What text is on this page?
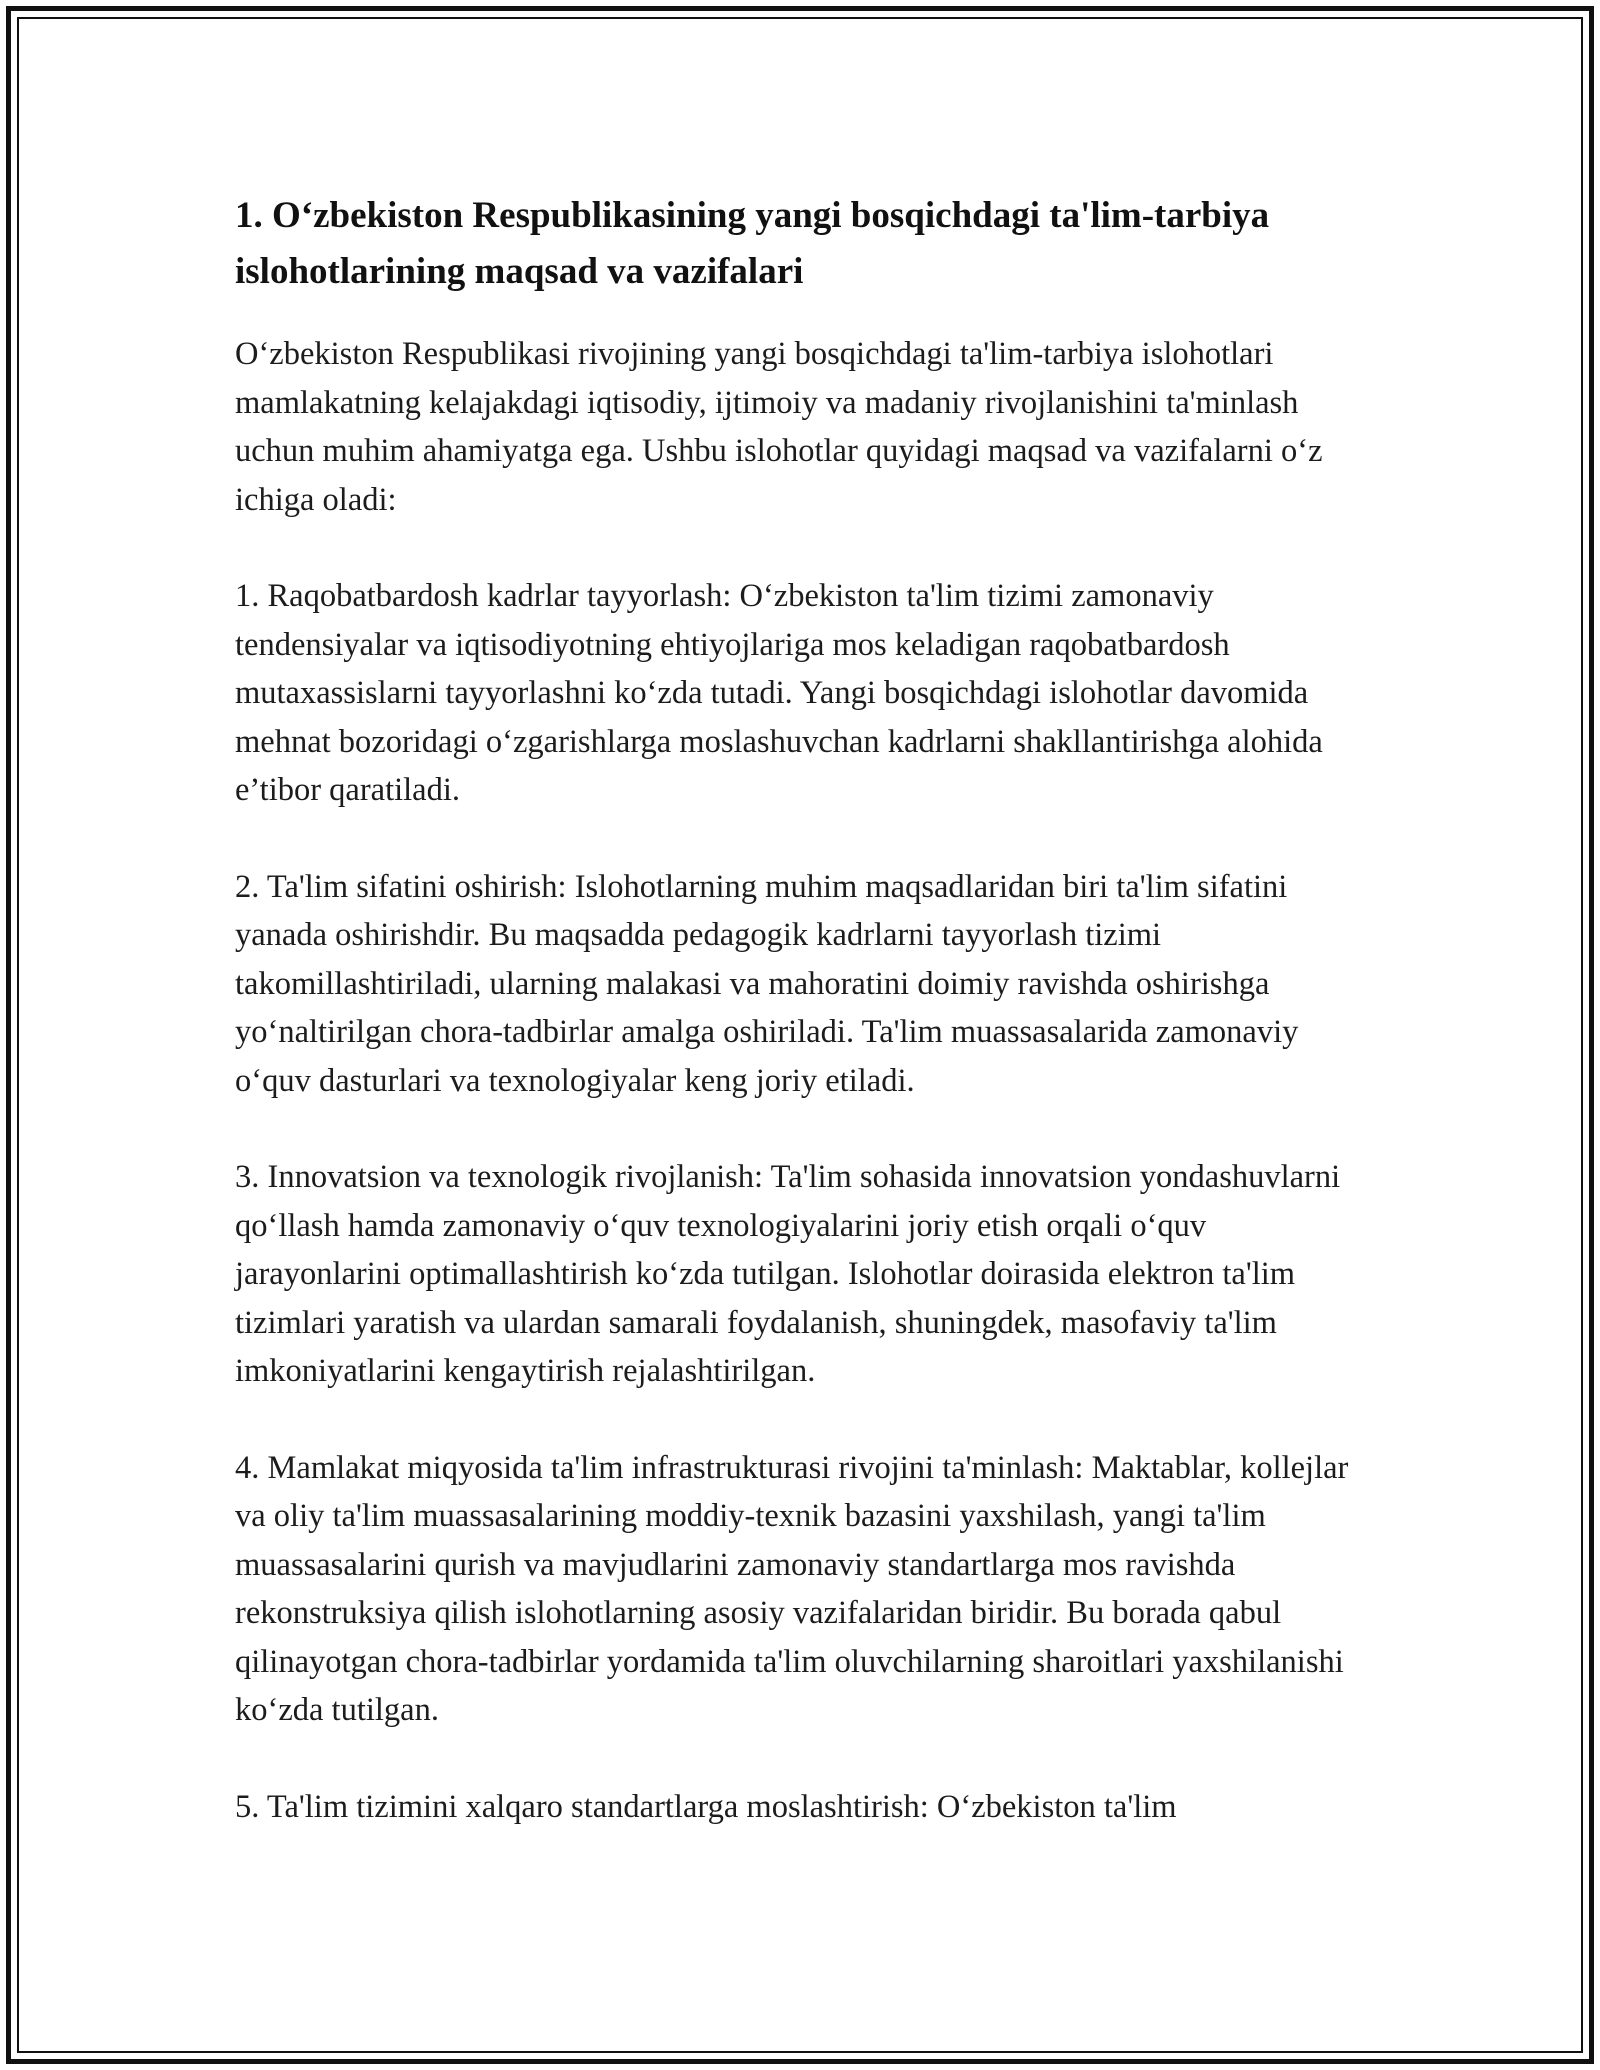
1. O‘zbekiston Respublikasining yangi bosqichdagi ta'lim-tarbiya islohotlarining maqsad va vazifalari

O‘zbekiston Respublikasi rivojining yangi bosqichdagi ta'lim-tarbiya islohotlari mamlakatning kelajakdagi iqtisodiy, ijtimoiy va madaniy rivojlanishini ta'minlash uchun muhim ahamiyatga ega. Ushbu islohotlar quyidagi maqsad va vazifalarni o‘z ichiga oladi:

1. Raqobatbardosh kadrlar tayyorlash: O‘zbekiston ta'lim tizimi zamonaviy tendensiyalar va iqtisodiyotning ehtiyojlariga mos keladigan raqobatbardosh mutaxassislarni tayyorlashni ko‘zda tutadi. Yangi bosqichdagi islohotlar davomida mehnat bozoridagi o‘zgarishlarga moslashuvchan kadrlarni shakllantirishga alohida e’tibor qaratiladi.

2. Ta'lim sifatini oshirish: Islohotlarning muhim maqsadlaridan biri ta'lim sifatini yanada oshirishdir. Bu maqsadda pedagogik kadrlarni tayyorlash tizimi takomillashtiriladi, ularning malakasi va mahoratini doimiy ravishda oshirishga yo‘naltirilgan chora-tadbirlar amalga oshiriladi. Ta'lim muassasalarida zamonaviy o‘quv dasturlari va texnologiyalar keng joriy etiladi.

3. Innovatsion va texnologik rivojlanish: Ta'lim sohasida innovatsion yondashuvlarni qo‘llash hamda zamonaviy o‘quv texnologiyalarini joriy etish orqali o‘quv jarayonlarini optimallashtirish ko‘zda tutilgan. Islohotlar doirasida elektron ta'lim tizimlari yaratish va ulardan samarali foydalanish, shuningdek, masofaviy ta'lim imkoniyatlarini kengaytirish rejalashtirilgan.

4. Mamlakat miqyosida ta'lim infrastrukturasi rivojini ta'minlash: Maktablar, kollejlar va oliy ta'lim muassasalarining moddiy-texnik bazasini yaxshilash, yangi ta'lim muassasalarini qurish va mavjudlarini zamonaviy standartlarga mos ravishda rekonstruksiya qilish islohotlarning asosiy vazifalaridan biridir. Bu borada qabul qilinayotgan chora-tadbirlar yordamida ta'lim oluvchilarning sharoitlari yaxshilanishi ko‘zda tutilgan.

5. Ta'lim tizimini xalqaro standartlarga moslashtirish: O‘zbekiston ta'lim
